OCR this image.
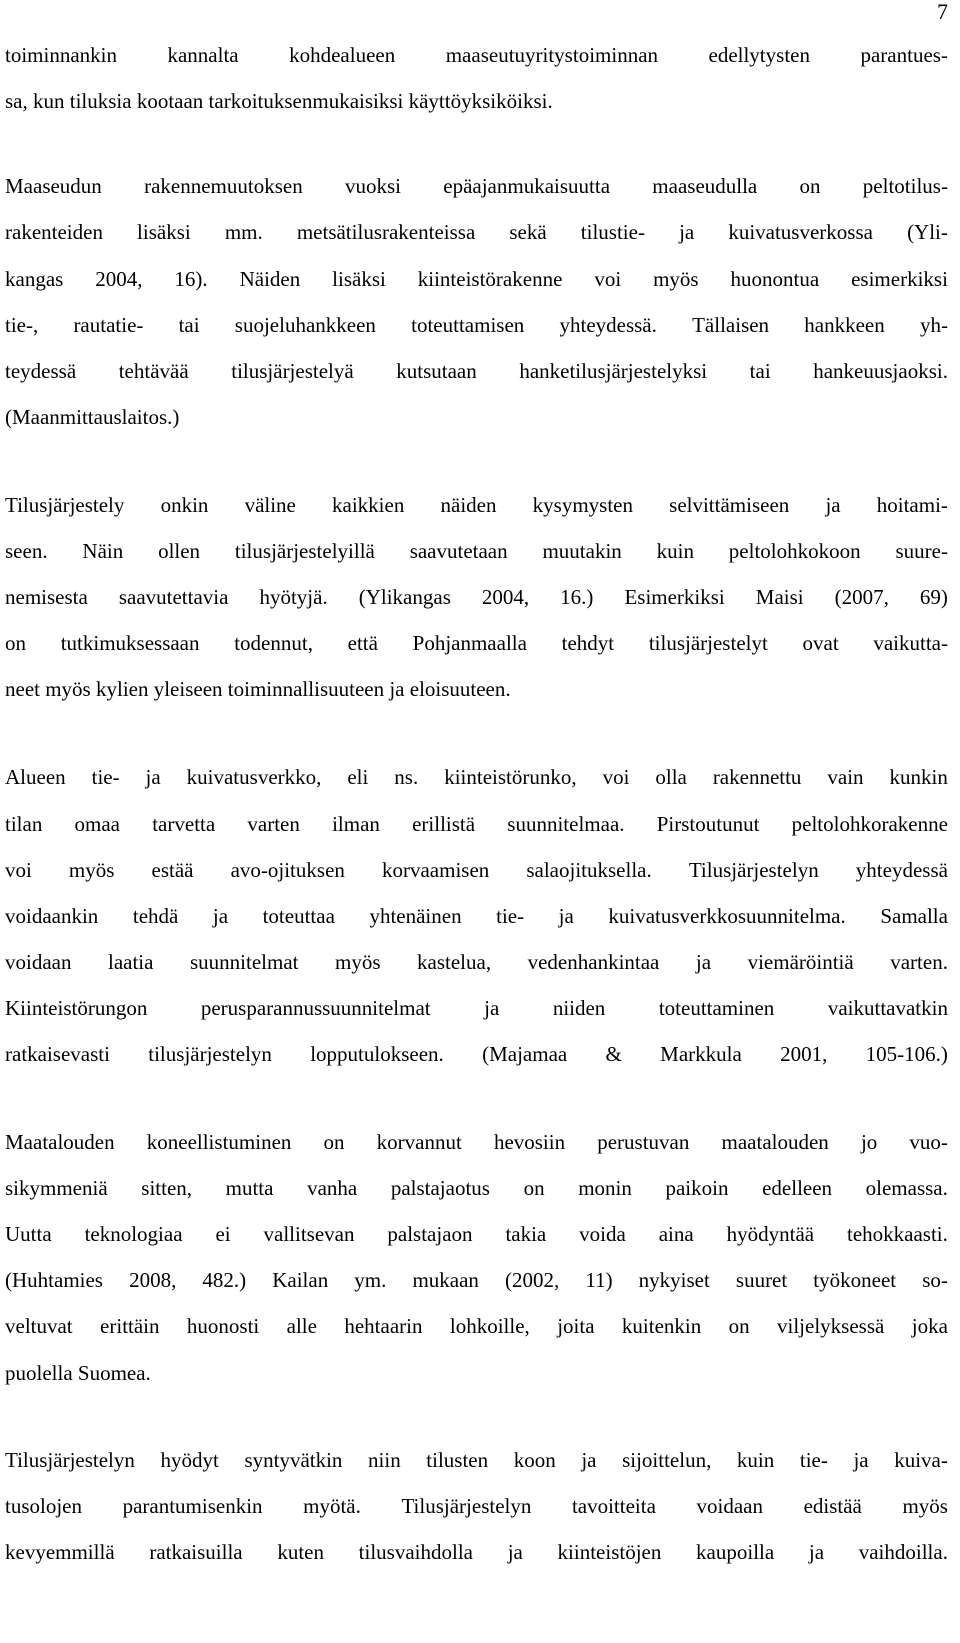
7
toiminnankin kannalta kohdealueen maaseutuyritystoiminnan edellytysten parantues-
sa, kun tiluksia kootaan tarkoituksenmukaisiksi käyttöyksiköiksi.
Maaseudun rakennemuutoksen vuoksi epäajanmukaisuutta maaseudulla on peltotilus-
rakenteiden lisäksi mm. metsätilusrakenteissa sekä tilustie- ja kuivatusverkossa (Yli-
kangas 2004, 16). Näiden lisäksi kiinteistörakenne voi myös huonontua esimerkiksi
tie-, rautatie- tai suojeluhankkeen toteuttamisen yhteydessä. Tällaisen hankkeen yh-
teydessä tehtävää tilusjärjestelyä kutsutaan hanketilusjärjestelyksi tai hankeuusjaoksi.
(Maanmittauslaitos.)
Tilusjärjestely onkin väline kaikkien näiden kysymysten selvittämiseen ja hoitami-
seen. Näin ollen tilusjärjestelyillä saavutetaan muutakin kuin peltolohkokoon suure-
nemisesta saavutettavia hyötyjä. (Ylikangas 2004, 16.) Esimerkiksi Maisi (2007, 69)
on tutkimuksessaan todennut, että Pohjanmaalla tehdyt tilusjärjestelyt ovat vaikutta-
neet myös kylien yleiseen toiminnallisuuteen ja eloisuuteen.
Alueen tie- ja kuivatusverkko, eli ns. kiinteistörunko, voi olla rakennettu vain kunkin
tilan omaa tarvetta varten ilman erillistä suunnitelmaa. Pirstoutunut peltolohkorakenne
voi myös estää avo-ojituksen korvaamisen salaojituksella. Tilusjärjestelyn yhteydessä
voidaankin tehdä ja toteuttaa yhtenäinen tie- ja kuivatusverkkosuunnitelma. Samalla
voidaan laatia suunnitelmat myös kastelua, vedenhankintaa ja viemäröintiä varten.
Kiinteistörungon	perusparannussuunnitelmat	ja	niiden	toteuttaminen	vaikuttavatkin
ratkaisevasti tilusjärjestelyn lopputulokseen. (Majamaa & Markkula 2001, 105-106.)
Maatalouden koneellistuminen on korvannut hevosiin perustuvan maatalouden jo vuo-
sikymmeniä sitten, mutta vanha palstajaotus on monin paikoin edelleen olemassa.
Uutta teknologiaa ei vallitsevan palstajaon takia voida aina hyödyntää tehokkaasti.
(Huhtamies 2008, 482.) Kailan ym. mukaan (2002, 11) nykyiset suuret työkoneet so-
veltuvat erittäin huonosti alle hehtaarin lohkoille, joita kuitenkin on viljelyksessä joka
puolella Suomea.
Tilusjärjestelyn hyödyt syntyvätkin niin tilusten koon ja sijoittelun, kuin tie- ja kuiva-
tusolojen parantumisenkin myötä. Tilusjärjestelyn tavoitteita voidaan edistää myös
kevyemmillä ratkaisuilla kuten tilusvaihdolla ja kiinteistöjen kaupoilla ja vaihdoilla.
